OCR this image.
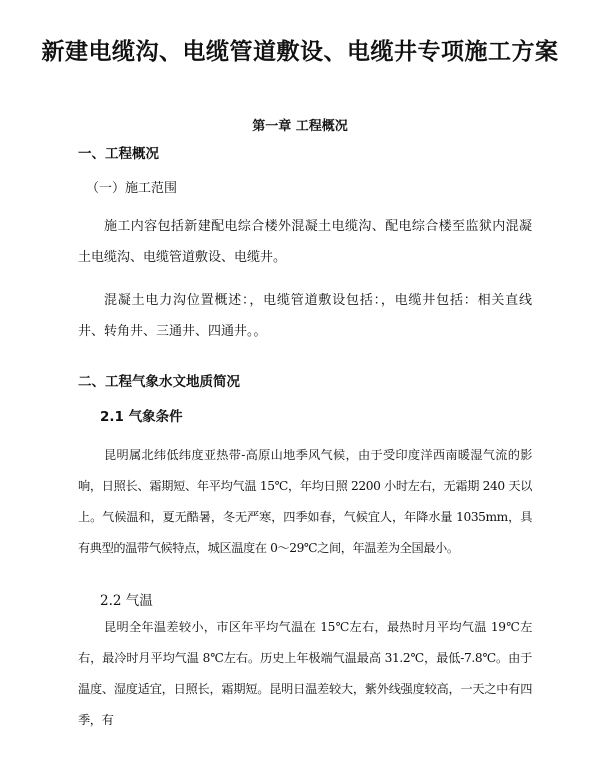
新建电缆沟、电缆管道敷设、电缆井专项施工方案
第一章 工程概况
一、工程概况
（一）施工范围

施工内容包括新建配电综合楼外混凝土电缆沟、配电综合楼至监狱内混凝土电缆沟、电缆管道敷设、电缆井。

混凝土电力沟位置概述：，电缆管道敷设包括：，电缆井包括：相关直线井、转角井、三通井、四通井。。

二、工程气象水文地质简况
2.1 气象条件

昆明属北纬低纬度亚热带-高原山地季风气候，由于受印度洋西南暖湿气流的影响，日照长、霜期短、年平均气温 15℃，年均日照 2200 小时左右，无霜期 240 天以上。气候温和，夏无酷暑，冬无严寒，四季如春，气候宜人，年降水量 1035mm，具有典型的温带气候特点，城区温度在 0～29℃之间，年温差为全国最小。

2.2 气温

昆明全年温差较小，市区年平均气温在 15℃左右，最热时月平均气温 19℃左右，最冷时月平均气温 8℃左右。历史上年极端气温最高 31.2℃，最低-7.8℃。由于温度、湿度适宜，日照长，霜期短。昆明日温差较大，紫外线强度较高，一天之中有四季，有
